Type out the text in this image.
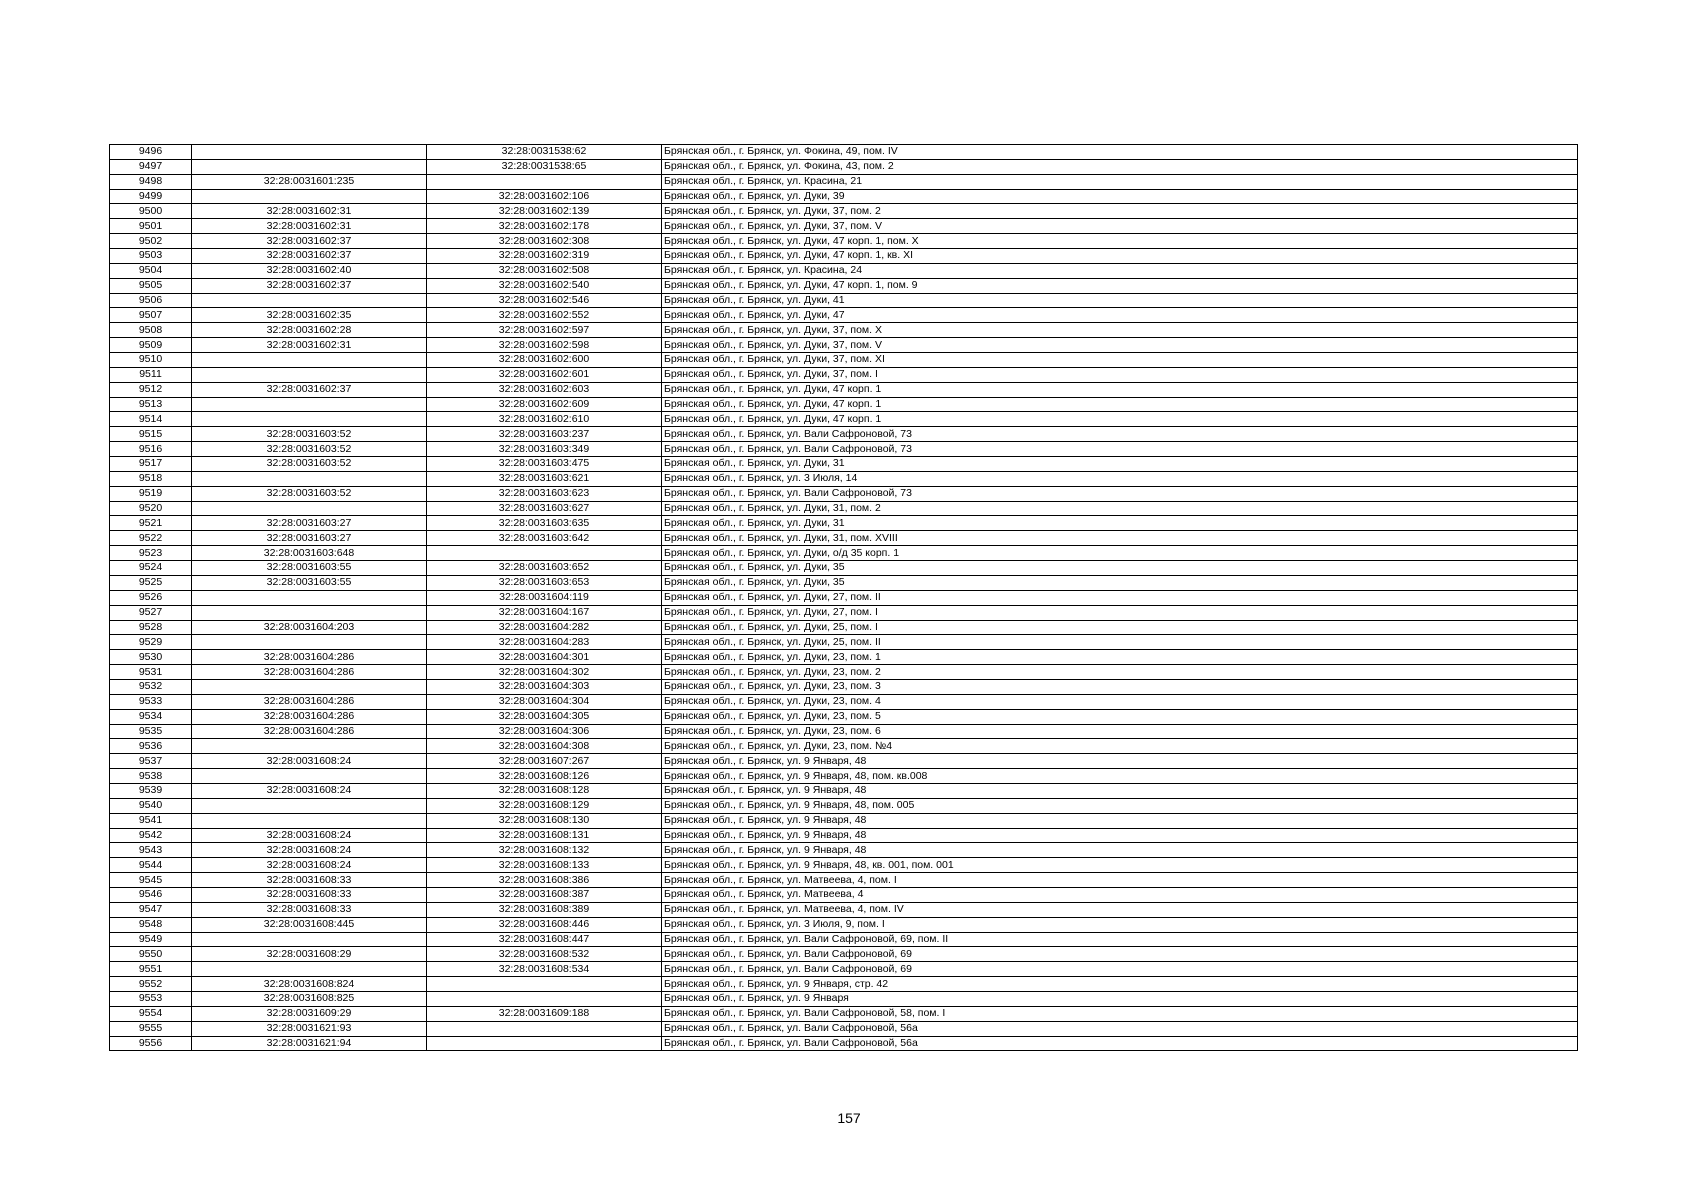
9496		32:28:0031538:62	Брянская обл., г. Брянск, ул. Фокина, 49, пом. IV
9497		32:28:0031538:65	Брянская обл., г. Брянск, ул. Фокина, 43, пом. 2
9498	32:28:0031601:235		Брянская обл., г. Брянск, ул. Красина, 21
9499		32:28:0031602:106	Брянская обл., г. Брянск, ул. Дуки, 39
9500	32:28:0031602:31	32:28:0031602:139	Брянская обл., г. Брянск, ул. Дуки, 37, пом. 2
9501	32:28:0031602:31	32:28:0031602:178	Брянская обл., г. Брянск, ул. Дуки, 37, пом. V
9502	32:28:0031602:37	32:28:0031602:308	Брянская обл., г. Брянск, ул. Дуки, 47 корп. 1, пом. X
9503	32:28:0031602:37	32:28:0031602:319	Брянская обл., г. Брянск, ул. Дуки, 47 корп. 1, кв. XI
9504	32:28:0031602:40	32:28:0031602:508	Брянская обл., г. Брянск, ул. Красина, 24
9505	32:28:0031602:37	32:28:0031602:540	Брянская обл., г. Брянск, ул. Дуки, 47 корп. 1, пом. 9
9506		32:28:0031602:546	Брянская обл., г. Брянск, ул. Дуки, 41
9507	32:28:0031602:35	32:28:0031602:552	Брянская обл., г. Брянск, ул. Дуки, 47
9508	32:28:0031602:28	32:28:0031602:597	Брянская обл., г. Брянск, ул. Дуки, 37, пом. X
9509	32:28:0031602:31	32:28:0031602:598	Брянская обл., г. Брянск, ул. Дуки, 37, пом. V
9510		32:28:0031602:600	Брянская обл., г. Брянск, ул. Дуки, 37, пом. XI
9511		32:28:0031602:601	Брянская обл., г. Брянск, ул. Дуки, 37, пом. I
9512	32:28:0031602:37	32:28:0031602:603	Брянская обл., г. Брянск, ул. Дуки, 47 корп. 1
9513		32:28:0031602:609	Брянская обл., г. Брянск, ул. Дуки, 47 корп. 1
9514		32:28:0031602:610	Брянская обл., г. Брянск, ул. Дуки, 47 корп. 1
9515	32:28:0031603:52	32:28:0031603:237	Брянская обл., г. Брянск, ул. Вали Сафроновой, 73
9516	32:28:0031603:52	32:28:0031603:349	Брянская обл., г. Брянск, ул. Вали Сафроновой, 73
9517	32:28:0031603:52	32:28:0031603:475	Брянская обл., г. Брянск, ул. Дуки, 31
9518		32:28:0031603:621	Брянская обл., г. Брянск, ул. 3 Июля, 14
9519	32:28:0031603:52	32:28:0031603:623	Брянская обл., г. Брянск, ул. Вали Сафроновой, 73
9520		32:28:0031603:627	Брянская обл., г. Брянск, ул. Дуки, 31, пом. 2
9521	32:28:0031603:27	32:28:0031603:635	Брянская обл., г. Брянск, ул. Дуки, 31
9522	32:28:0031603:27	32:28:0031603:642	Брянская обл., г. Брянск, ул. Дуки, 31, пом. XVIII
9523	32:28:0031603:648		Брянская обл., г. Брянск, ул. Дуки, о/д 35 корп. 1
9524	32:28:0031603:55	32:28:0031603:652	Брянская обл., г. Брянск, ул. Дуки, 35
9525	32:28:0031603:55	32:28:0031603:653	Брянская обл., г. Брянск, ул. Дуки, 35
9526		32:28:0031604:119	Брянская обл., г. Брянск, ул. Дуки, 27, пом. II
9527		32:28:0031604:167	Брянская обл., г. Брянск, ул. Дуки, 27, пом. I
9528	32:28:0031604:203	32:28:0031604:282	Брянская обл., г. Брянск, ул. Дуки, 25, пом. I
9529		32:28:0031604:283	Брянская обл., г. Брянск, ул. Дуки, 25, пом. II
9530	32:28:0031604:286	32:28:0031604:301	Брянская обл., г. Брянск, ул. Дуки, 23, пом. 1
9531	32:28:0031604:286	32:28:0031604:302	Брянская обл., г. Брянск, ул. Дуки, 23, пом. 2
9532		32:28:0031604:303	Брянская обл., г. Брянск, ул. Дуки, 23, пом. 3
9533	32:28:0031604:286	32:28:0031604:304	Брянская обл., г. Брянск, ул. Дуки, 23, пом. 4
9534	32:28:0031604:286	32:28:0031604:305	Брянская обл., г. Брянск, ул. Дуки, 23, пом. 5
9535	32:28:0031604:286	32:28:0031604:306	Брянская обл., г. Брянск, ул. Дуки, 23, пом. 6
9536		32:28:0031604:308	Брянская обл., г. Брянск, ул. Дуки, 23, пом. №4
9537	32:28:0031608:24	32:28:0031607:267	Брянская обл., г. Брянск, ул. 9 Января, 48
9538		32:28:0031608:126	Брянская обл., г. Брянск, ул. 9 Января, 48, пом. кв.008
9539	32:28:0031608:24	32:28:0031608:128	Брянская обл., г. Брянск, ул. 9 Января, 48
9540		32:28:0031608:129	Брянская обл., г. Брянск, ул. 9 Января, 48, пом. 005
9541		32:28:0031608:130	Брянская обл., г. Брянск, ул. 9 Января, 48
9542	32:28:0031608:24	32:28:0031608:131	Брянская обл., г. Брянск, ул. 9 Января, 48
9543	32:28:0031608:24	32:28:0031608:132	Брянская обл., г. Брянск, ул. 9 Января, 48
9544	32:28:0031608:24	32:28:0031608:133	Брянская обл., г. Брянск, ул. 9 Января, 48, кв. 001, пом. 001
9545	32:28:0031608:33	32:28:0031608:386	Брянская обл., г. Брянск, ул. Матвеева, 4, пом. I
9546	32:28:0031608:33	32:28:0031608:387	Брянская обл., г. Брянск, ул. Матвеева, 4
9547	32:28:0031608:33	32:28:0031608:389	Брянская обл., г. Брянск, ул. Матвеева, 4, пом. IV
9548	32:28:0031608:445	32:28:0031608:446	Брянская обл., г. Брянск, ул. 3 Июля, 9, пом. I
9549		32:28:0031608:447	Брянская обл., г. Брянск, ул. Вали Сафроновой, 69, пом. II
9550	32:28:0031608:29	32:28:0031608:532	Брянская обл., г. Брянск, ул. Вали Сафроновой, 69
9551		32:28:0031608:534	Брянская обл., г. Брянск, ул. Вали Сафроновой, 69
9552	32:28:0031608:824		Брянская обл., г. Брянск, ул. 9 Января, стр. 42
9553	32:28:0031608:825		Брянская обл., г. Брянск, ул. 9 Января
9554	32:28:0031609:29	32:28:0031609:188	Брянская обл., г. Брянск, ул. Вали Сафроновой, 58, пом. I
9555	32:28:0031621:93		Брянская обл., г. Брянск, ул. Вали Сафроновой, 56а
9556	32:28:0031621:94		Брянская обл., г. Брянск, ул. Вали Сафроновой, 56а
157
